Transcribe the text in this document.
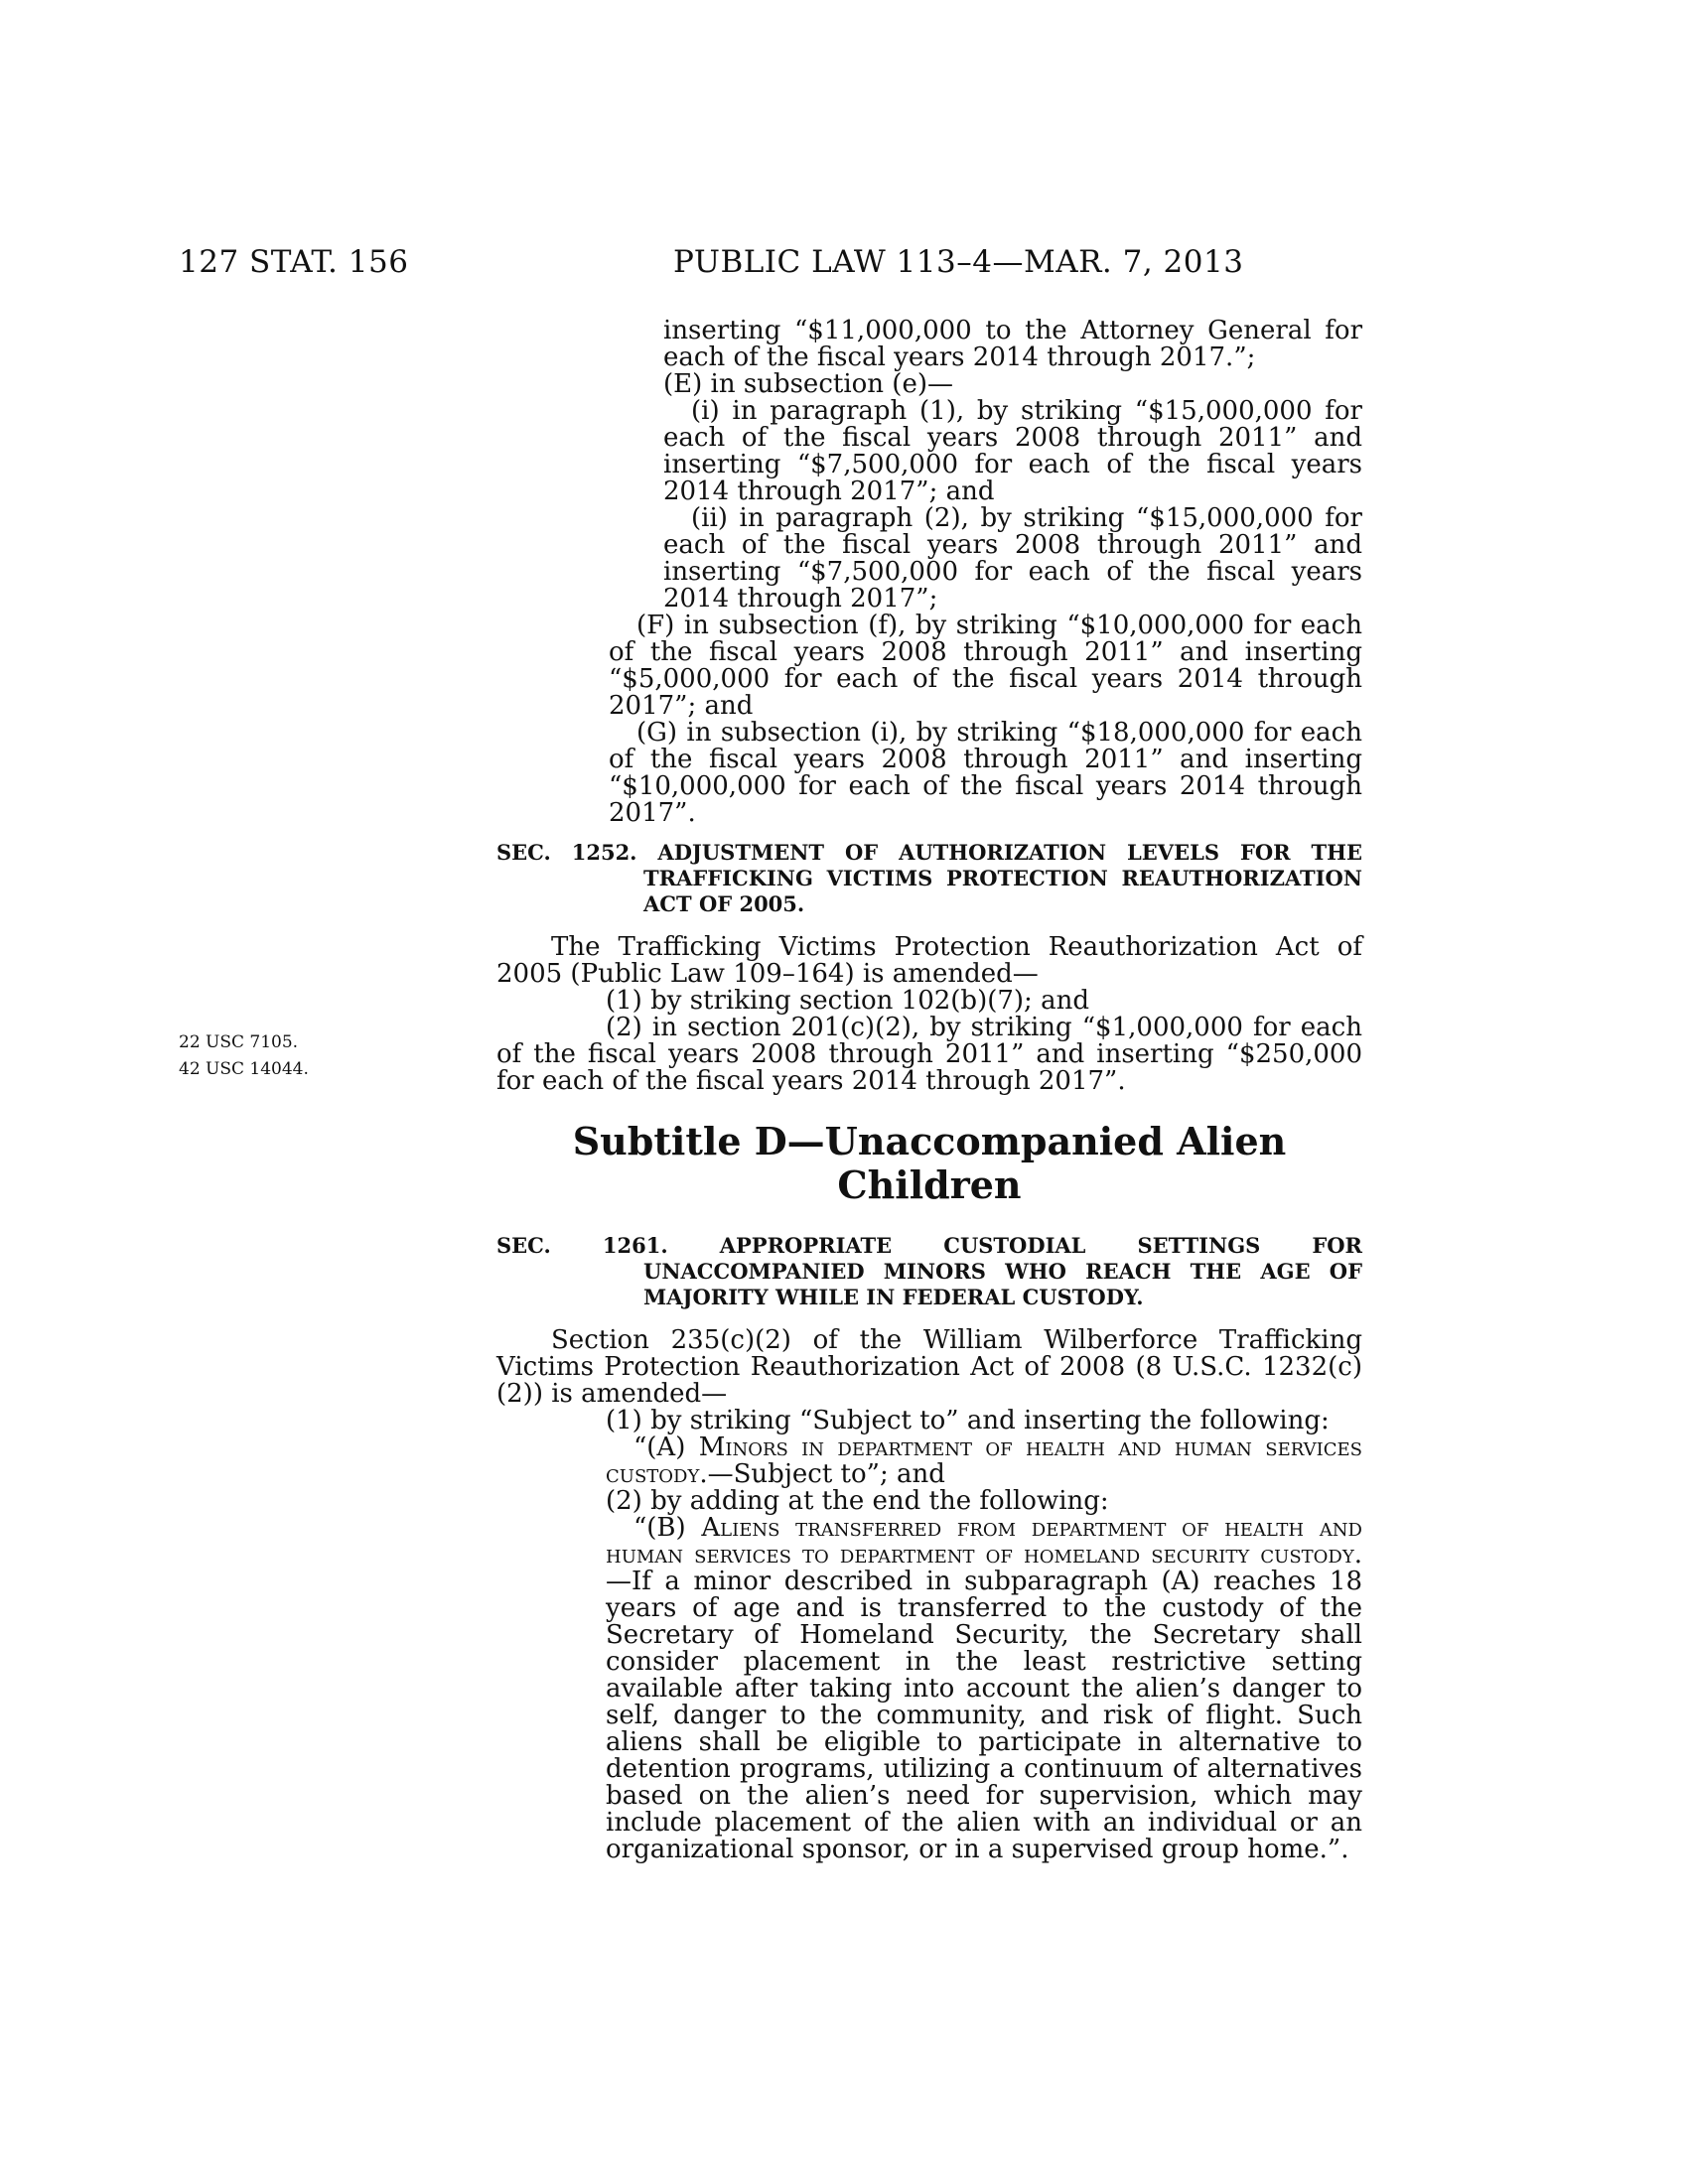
127 STAT. 156	PUBLIC LAW 113–4—MAR. 7, 2013
inserting “$11,000,000 to the Attorney General for each of the fiscal years 2014 through 2017.”;
(E) in subsection (e)—
(i) in paragraph (1), by striking “$15,000,000 for each of the fiscal years 2008 through 2011” and inserting “$7,500,000 for each of the fiscal years 2014 through 2017”; and
(ii) in paragraph (2), by striking “$15,000,000 for each of the fiscal years 2008 through 2011” and inserting “$7,500,000 for each of the fiscal years 2014 through 2017”;
(F) in subsection (f), by striking “$10,000,000 for each of the fiscal years 2008 through 2011” and inserting “$5,000,000 for each of the fiscal years 2014 through 2017”; and
(G) in subsection (i), by striking “$18,000,000 for each of the fiscal years 2008 through 2011” and inserting “$10,000,000 for each of the fiscal years 2014 through 2017”.
SEC. 1252. ADJUSTMENT OF AUTHORIZATION LEVELS FOR THE TRAFFICKING VICTIMS PROTECTION REAUTHORIZATION ACT OF 2005.
The Trafficking Victims Protection Reauthorization Act of 2005 (Public Law 109–164) is amended—
(1) by striking section 102(b)(7); and
(2) in section 201(c)(2), by striking “$1,000,000 for each of the fiscal years 2008 through 2011” and inserting “$250,000 for each of the fiscal years 2014 through 2017”.
22 USC 7105.
42 USC 14044.
Subtitle D—Unaccompanied Alien
Children
SEC. 1261. APPROPRIATE CUSTODIAL SETTINGS FOR UNACCOMPANIED MINORS WHO REACH THE AGE OF MAJORITY WHILE IN FEDERAL CUSTODY.
Section 235(c)(2) of the William Wilberforce Trafficking Victims Protection Reauthorization Act of 2008 (8 U.S.C. 1232(c)(2)) is amended—
(1) by striking “Subject to” and inserting the following:
“(A) Minors in department of health and human services custody.—Subject to”; and
(2) by adding at the end the following:
“(B) Aliens transferred from department of health and human services to department of homeland security custody.—If a minor described in subparagraph (A) reaches 18 years of age and is transferred to the custody of the Secretary of Homeland Security, the Secretary shall consider placement in the least restrictive setting available after taking into account the alien’s danger to self, danger to the community, and risk of flight. Such aliens shall be eligible to participate in alternative to detention programs, utilizing a continuum of alternatives based on the alien’s need for supervision, which may include placement of the alien with an individual or an organizational sponsor, or in a supervised group home.”.
